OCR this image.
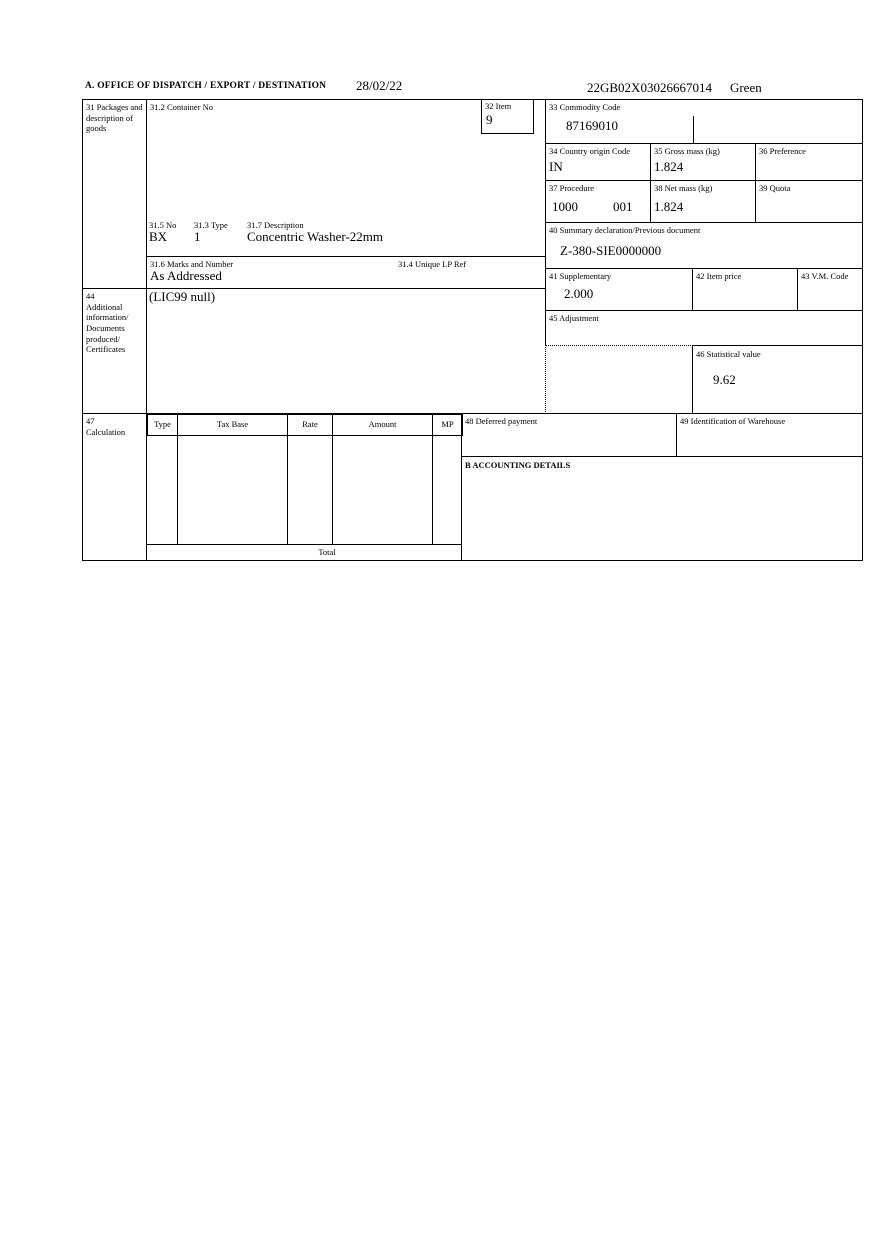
A. OFFICE OF DISPATCH / EXPORT / DESTINATION 28/02/22	22GB02X03026667014 Green
31 Packages and description of goods
44
Additional information/ Documents produced/ Certificates
47
Calculation
31.2 Container No
31.5 No 31.3 Type 31.7 Description
BX 1	Concentric Washer-22mm
32 Item
9
31.6 Marks and Number	31.4 Unique LP Ref
As Addressed
(LIC99 null)
33 Commodity Code
87169010
34 Country origin Code
IN
35 Gross mass (kg)
1.824
36 Preference
37 Procedure
1000	001
38 Net mass (kg)
1.824
39 Quota
40 Summary declaration/Previous document
Z-380-SIE0000000
41 Supplementary
2.000
42 Item price	43 V.M. Code
45 Adjustment
46 Statistical value
9.62
Type	Tax Base	Rate	Amount	MP
Total
48 Deferred payment	49 Identification of Warehouse
B ACCOUNTING DETAILS
